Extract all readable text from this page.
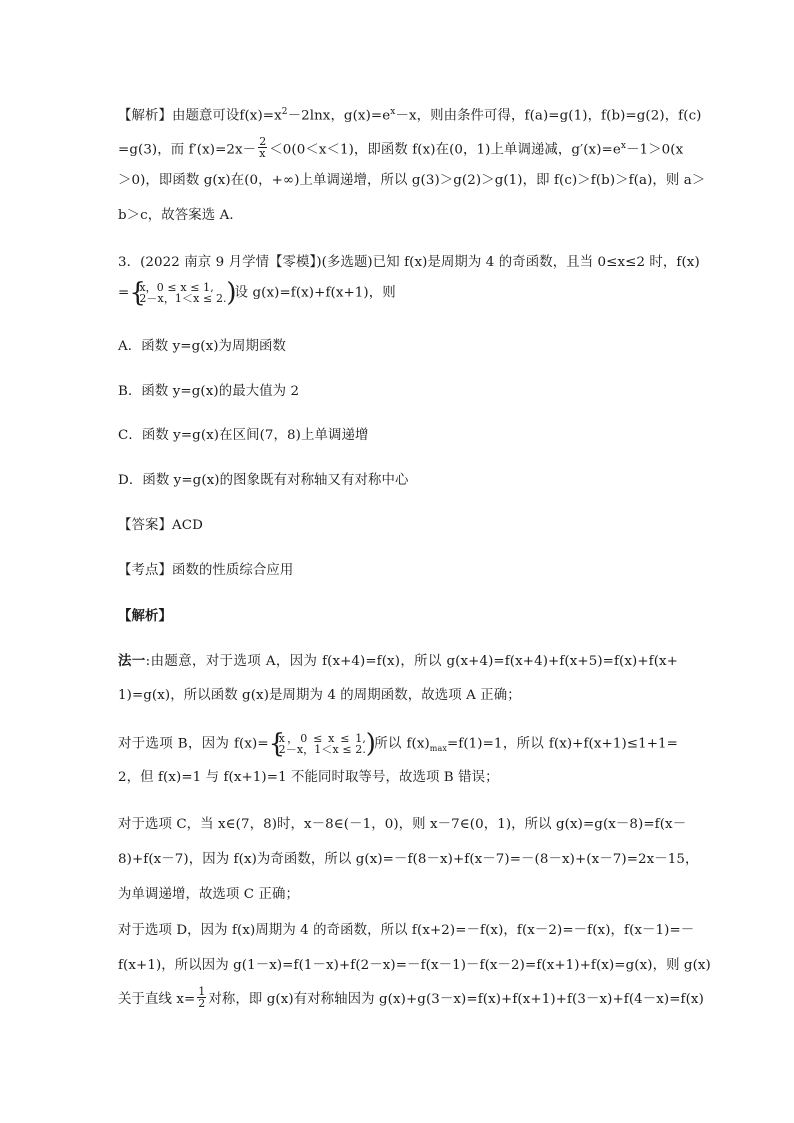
【解析】由题意可设$f(x)=x^2-2\ln x$，$g(x)=e^x-x$，则由条件可得，f(a)=g(1)，f(b)=g(2)，f(c)
=g(3)，而 $f'(x)=2x- \frac{2}{x} <0(0<x<1)$，即函数 f(x)在(0，1)上单调递减，$g'(x)=e^x-1>0(x$
＞0)，即函数 g(x)在(0，+∞)上单调递增，所以 g(3)＞g(2)＞g(1)，即 f(c)＞f(b)＞f(a)，则 a＞
b＞c，故答案选 A．
3．(2022 南京 9 月学情【零模】)(多选题)已知 f(x)是周期为 4 的奇函数，且当 0≤x≤2 时，f(x)
= {
x，0 ≤ x ≤ 1,
2－x，1＜x ≤ 2. )
设 g(x)=f(x)+f(x+1)，则
A．函数 y=g(x)为周期函数
B．函数 y=g(x)的最大值为 2
C．函数 y=g(x)在区间(7，8)上单调递增
D．函数 y=g(x)的图象既有对称轴又有对称中心
【答案】ACD
【考点】函数的性质综合应用
【解析】
法一:由题意，对于选项 A，因为 f(x+4)=f(x)，所以 g(x+4)=f(x+4)+f(x+5)=f(x)+f(x+
1)=g(x)，所以函数 g(x)是周期为 4 的周期函数，故选项 A 正确；
对于选项 B，因为 f(x)= {
x，0 ≤ x ≤ 1,
2－x，1＜x ≤ 2. )
所以 $f(x)_{max}=f(1)=1$，所以 f(x)+f(x+1)≤1+1=
2，但 f(x)=1 与 f(x+1)=1 不能同时取等号，故选项 B 错误；
对于选项 C，当 x∈(7，8)时，x－8∈(－1，0)，则 x－7∈(0，1)，所以 g(x)=g(x－8)=f(x－
8)+f(x－7)，因为 f(x)为奇函数，所以 g(x)=－f(8－x)+f(x－7)=－(8－x)+(x－7)=2x－15，
为单调递增，故选项 C 正确；
对于选项 D，因为 f(x)周期为 4 的奇函数，所以 f(x+2)=－f(x)，f(x－2)=－f(x)，f(x－1)=－
f(x+1)，所以因为 g(1－x)=f(1－x)+f(2－x)=－f(x－1)－f(x－2)=f(x+1)+f(x)=g(x)，则 g(x)
关于直线 $x= \frac{1}{2}$ 对称，即 g(x)有对称轴因为 g(x)+g(3－x)=f(x)+f(x+1)+f(3－x)+f(4－x)=f(x)
